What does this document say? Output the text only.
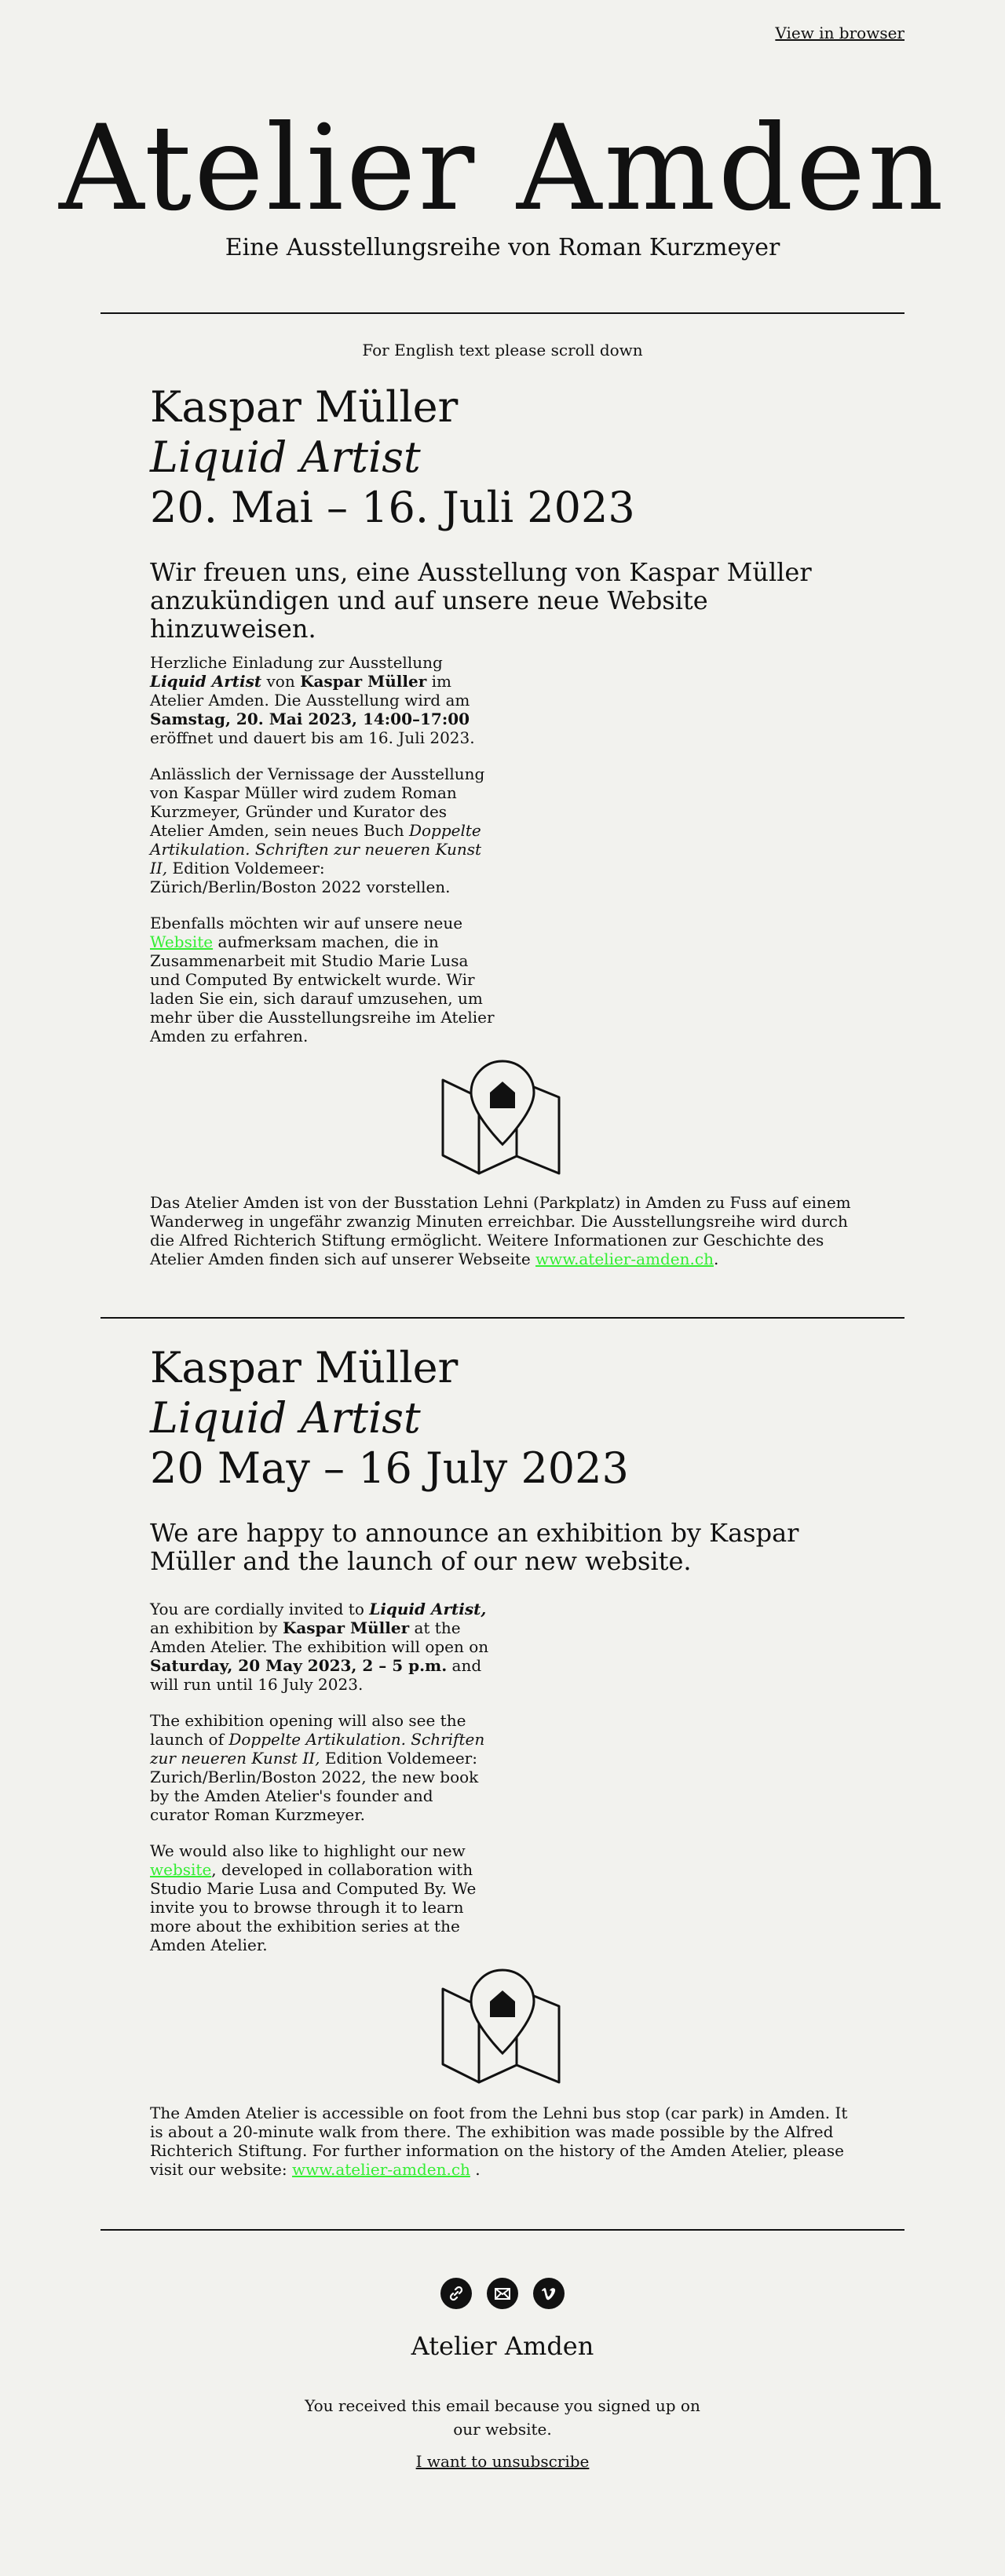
View in browser
Atelier Amden
Eine Ausstellungsreihe von Roman Kurzmeyer
For English text please scroll down
Kaspar Müller
Liquid Artist
20. Mai – 16. Juli 2023
Wir freuen uns, eine Ausstellung von Kaspar Müller anzukündigen und auf unsere neue Website hinzuweisen.

Herzliche Einladung zur Ausstellung Liquid Artist von Kaspar Müller im Atelier Amden. Die Ausstellung wird am Samstag, 20. Mai 2023, 14:00–17:00 eröffnet und dauert bis am 16. Juli 2023.

Anlässlich der Vernissage der Ausstellung von Kaspar Müller wird zudem Roman Kurzmeyer, Gründer und Kurator des Atelier Amden, sein neues Buch Doppelte Artikulation. Schriften zur neueren Kunst II, Edition Voldemeer: Zürich/Berlin/Boston 2022 vorstellen.

Ebenfalls möchten wir auf unsere neue Website aufmerksam machen, die in Zusammenarbeit mit Studio Marie Lusa und Computed By entwickelt wurde. Wir laden Sie ein, sich darauf umzusehen, um mehr über die Ausstellungsreihe im Atelier Amden zu erfahren.

Das Atelier Amden ist von der Busstation Lehni (Parkplatz) in Amden zu Fuss auf einem Wanderweg in ungefähr zwanzig Minuten erreichbar. Die Ausstellungsreihe wird durch die Alfred Richterich Stiftung ermöglicht. Weitere Informationen zur Geschichte des Atelier Amden finden sich auf unserer Webseite www.atelier-amden.ch.
Kaspar Müller
Liquid Artist
20 May – 16 July 2023
We are happy to announce an exhibition by Kaspar Müller and the launch of our new website.

You are cordially invited to Liquid Artist, an exhibition by Kaspar Müller at the Amden Atelier. The exhibition will open on Saturday, 20 May 2023, 2 – 5 p.m. and will run until 16 July 2023.

The exhibition opening will also see the launch of Doppelte Artikulation. Schriften zur neueren Kunst II, Edition Voldemeer: Zurich/Berlin/Boston 2022, the new book by the Amden Atelier's founder and curator Roman Kurzmeyer.

We would also like to highlight our new website, developed in collaboration with Studio Marie Lusa and Computed By. We invite you to browse through it to learn more about the exhibition series at the Amden Atelier.

The Amden Atelier is accessible on foot from the Lehni bus stop (car park) in Amden. It is about a 20-minute walk from there. The exhibition was made possible by the Alfred Richterich Stiftung. For further information on the history of the Amden Atelier, please visit our website: www.atelier-amden.ch .

Atelier Amden
You received this email because you signed up on our website.
I want to unsubscribe
